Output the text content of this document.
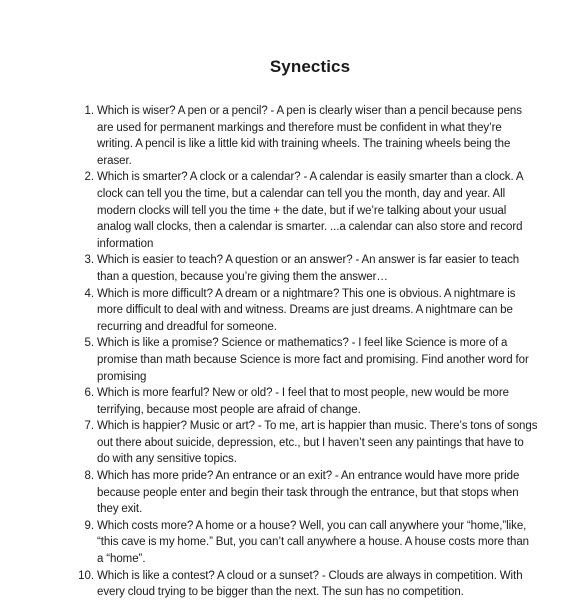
Synectics
1. Which is wiser? A pen or a pencil? - A pen is clearly wiser than a pencil because pens are used for permanent markings and therefore must be confident in what they’re writing. A pencil is like a little kid with training wheels. The training wheels being the eraser.
2. Which is smarter? A clock or a calendar? - A calendar is easily smarter than a clock. A clock can tell you the time, but a calendar can tell you the month, day and year. All modern clocks will tell you the time + the date, but if we’re talking about your usual analog wall clocks, then a calendar is smarter. ...a calendar can also store and record information
3. Which is easier to teach? A question or an answer? - An answer is far easier to teach than a question, because you’re giving them the answer…
4. Which is more difficult? A dream or a nightmare? This one is obvious. A nightmare is more difficult to deal with and witness. Dreams are just dreams. A nightmare can be recurring and dreadful for someone.
5. Which is like a promise? Science or mathematics? - I feel like Science is more of a promise than math because Science is more fact and promising. Find another word for promising
6. Which is more fearful? New or old? - I feel that to most people, new would be more terrifying, because most people are afraid of change.
7. Which is happier? Music or art? - To me, art is happier than music. There’s tons of songs out there about suicide, depression, etc., but I haven’t seen any paintings that have to do with any sensitive topics.
8. Which has more pride? An entrance or an exit? - An entrance would have more pride because people enter and begin their task through the entrance, but that stops when they exit.
9. Which costs more? A home or a house? Well, you can call anywhere your “home,”like, “this cave is my home.” But, you can’t call anywhere a house. A house costs more than a “home”.
10. Which is like a contest? A cloud or a sunset? - Clouds are always in competition. With every cloud trying to be bigger than the next. The sun has no competition.
